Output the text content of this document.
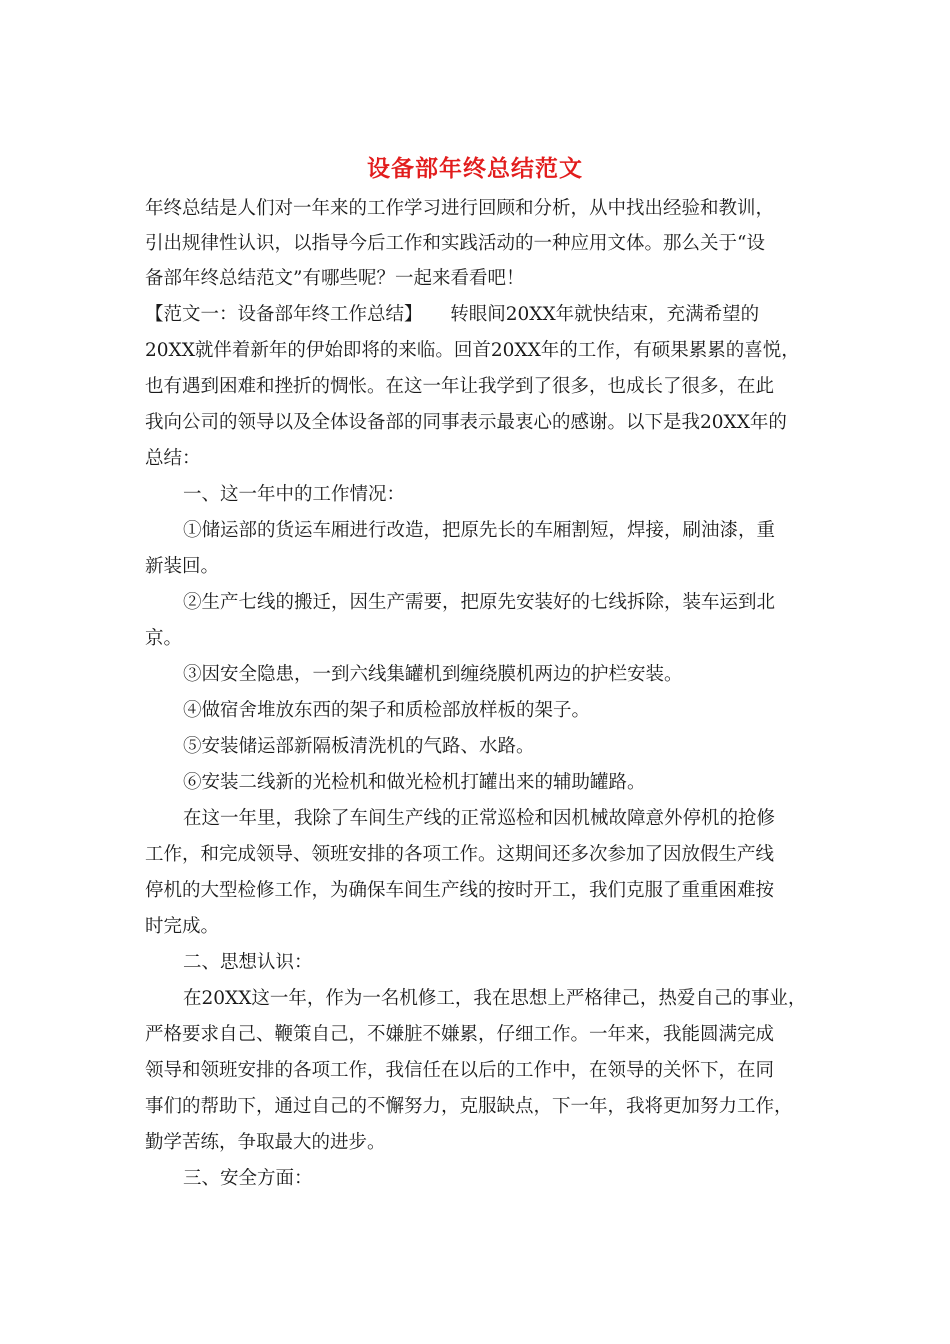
设备部年终总结范文
年终总结是人们对一年来的工作学习进行回顾和分析，从中找出经验和教训，
引出规律性认识，以指导今后工作和实践活动的一种应用文体。那么关于“设
备部年终总结范文”有哪些呢？一起来看看吧！
【范文一：设备部年终工作总结】　　转眼间20XX年就快结束，充满希望的
20XX就伴着新年的伊始即将的来临。回首20XX年的工作，有硕果累累的喜悦，
也有遇到困难和挫折的惆怅。在这一年让我学到了很多，也成长了很多，在此
我向公司的领导以及全体设备部的同事表示最衷心的感谢。以下是我20XX年的
总结：
一、这一年中的工作情况：
①储运部的货运车厢进行改造，把原先长的车厢割短，焊接，刷油漆，重
新装回。
②生产七线的搬迁，因生产需要，把原先安装好的七线拆除，装车运到北
京。
③因安全隐患，一到六线集罐机到缠绕膜机两边的护栏安装。
④做宿舍堆放东西的架子和质检部放样板的架子。
⑤安装储运部新隔板清洗机的气路、水路。
⑥安装二线新的光检机和做光检机打罐出来的辅助罐路。
在这一年里，我除了车间生产线的正常巡检和因机械故障意外停机的抢修
工作，和完成领导、领班安排的各项工作。这期间还多次参加了因放假生产线
停机的大型检修工作，为确保车间生产线的按时开工，我们克服了重重困难按
时完成。
二、思想认识：
在20XX这一年，作为一名机修工，我在思想上严格律己，热爱自己的事业，
严格要求自己、鞭策自己，不嫌脏不嫌累，仔细工作。一年来，我能圆满完成
领导和领班安排的各项工作，我信任在以后的工作中，在领导的关怀下，在同
事们的帮助下，通过自己的不懈努力，克服缺点，下一年，我将更加努力工作，
勤学苦练，争取最大的进步。
三、安全方面：
